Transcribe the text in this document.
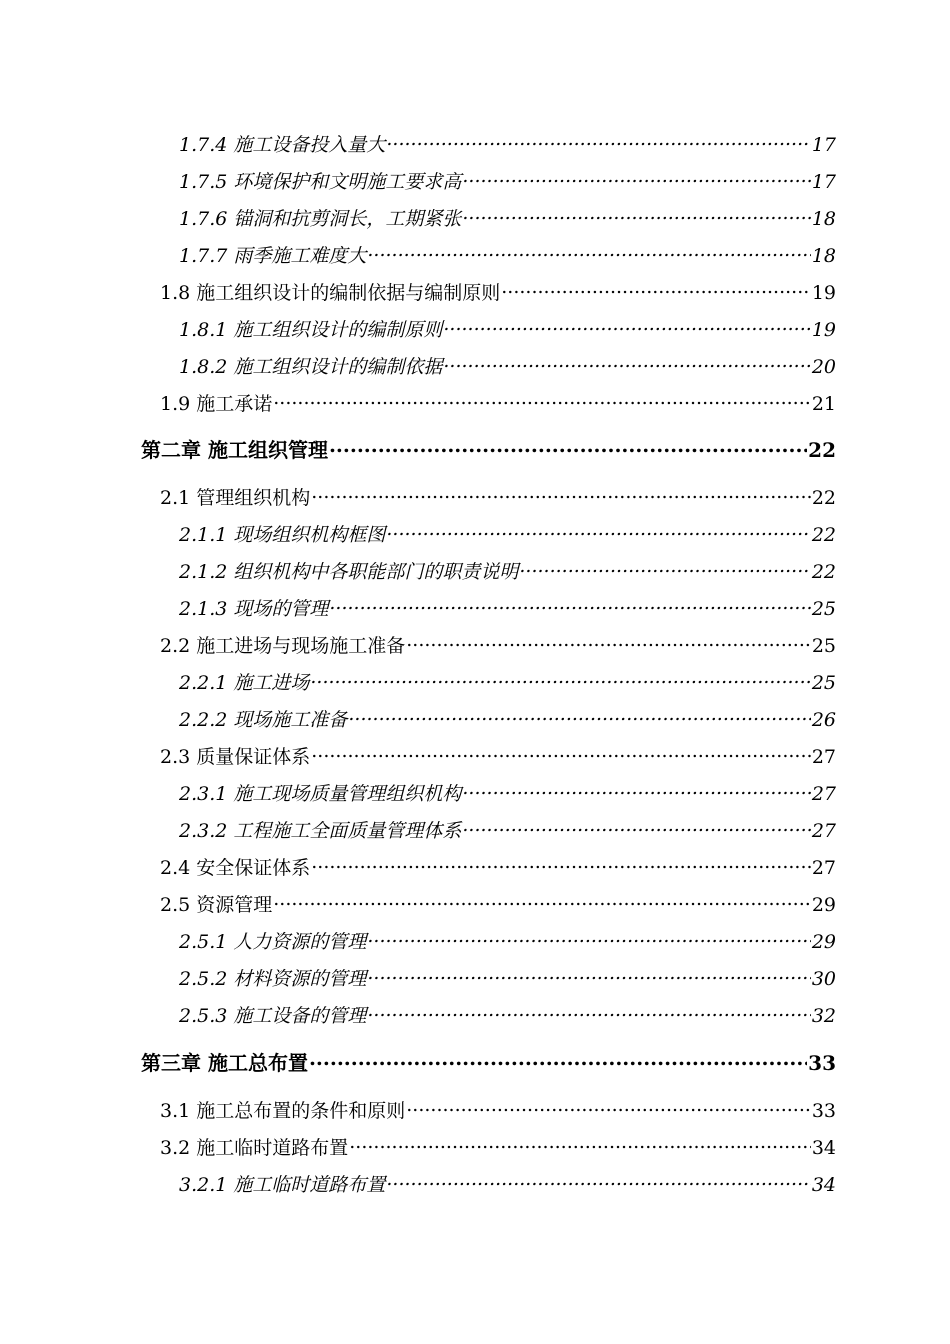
1.7.4 施工设备投入量大 .....	17
1.7.5 环境保护和文明施工要求高 .....	17
1.7.6 锚洞和抗剪洞长，工期紧张 .....	18
1.7.7 雨季施工难度大 .....	18
1.8 施工组织设计的编制依据与编制原则 .....	19
1.8.1 施工组织设计的编制原则 .....	19
1.8.2 施工组织设计的编制依据 .....	20
1.9 施工承诺 .....	21
第二章 施工组织管理 .....	22
2.1 管理组织机构 .....	22
2.1.1 现场组织机构框图 .....	22
2.1.2 组织机构中各职能部门的职责说明 .....	22
2.1.3 现场的管理 .....	25
2.2 施工进场与现场施工准备 .....	25
2.2.1 施工进场 .....	25
2.2.2 现场施工准备 .....	26
2.3 质量保证体系 .....	27
2.3.1 施工现场质量管理组织机构 .....	27
2.3.2 工程施工全面质量管理体系 .....	27
2.4 安全保证体系 .....	27
2.5 资源管理 .....	29
2.5.1 人力资源的管理 .....	29
2.5.2 材料资源的管理 .....	30
2.5.3 施工设备的管理 .....	32
第三章 施工总布置 .....	33
3.1 施工总布置的条件和原则 .....	33
3.2 施工临时道路布置 .....	34
3.2.1 施工临时道路布置 .....	34
